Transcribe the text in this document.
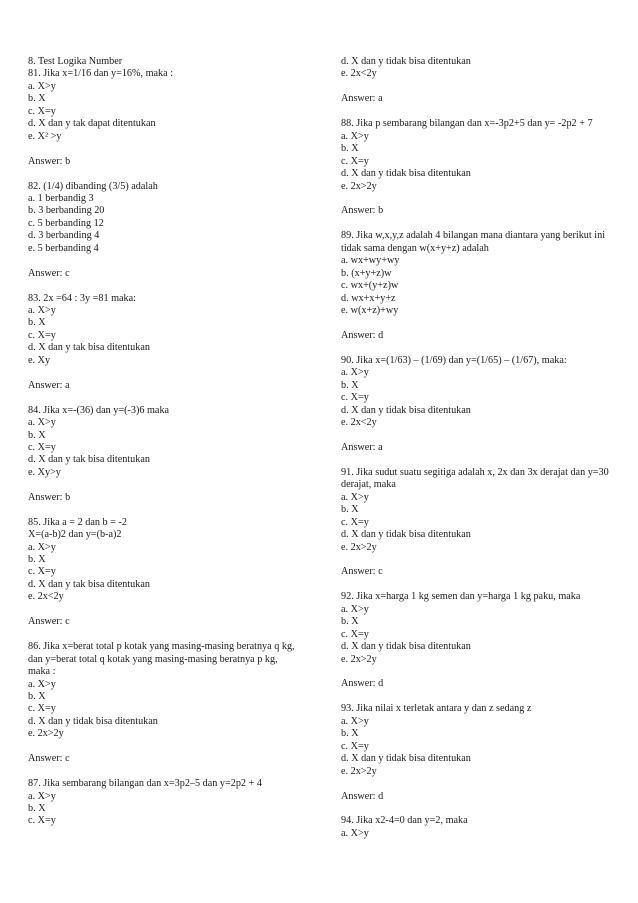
8. Test Logika Number
81. Jika x=1/16 dan y=16%, maka :
a. X>y
b. X
c. X=y
d. X dan y tak dapat ditentukan
e. X² >y
Answer: b
82. (1/4) dibanding (3/5) adalah
a. 1 berbandig 3
b. 3 berbanding 20
c. 5 berbanding 12
d. 3 berbanding 4
e. 5 berbanding 4
Answer: c
83. 2x =64 : 3y =81 maka:
a. X>y
b. X
c. X=y
d. X dan y tak bisa ditentukan
e. Xy
Answer: a
84. Jika x=-(36) dan y=(-3)6 maka
a. X>y
b. X
c. X=y
d. X dan y tak bisa ditentukan
e. Xy>y
Answer: b
85. Jika a = 2 dan b = -2
X=(a-b)2 dan y=(b-a)2
a. X>y
b. X
c. X=y
d. X dan y tak bisa ditentukan
e. 2x<2y
Answer: c
86. Jika x=berat total p kotak yang masing-masing beratnya q kg,
dan y=berat total q kotak yang masing-masing beratnya p kg,
maka :
a. X>y
b. X
c. X=y
d. X dan y tidak bisa ditentukan
e. 2x>2y
Answer: c
87. Jika sembarang bilangan dan x=3p2–5 dan y=2p2 + 4
a. X>y
b. X
c. X=y
d. X dan y tidak bisa ditentukan
e. 2x<2y
Answer: a
88. Jika p sembarang bilangan dan x=-3p2+5 dan y= -2p2 + 7
a. X>y
b. X
c. X=y
d. X dan y tidak bisa ditentukan
e. 2x>2y
Answer: b
89. Jika w,x,y,z adalah 4 bilangan mana diantara yang berikut ini
tidak sama dengan w(x+y+z) adalah
a. wx+wy+wy
b. (x+y+z)w
c. wx+(y+z)w
d. wx+x+y+z
e. w(x+z)+wy
Answer: d
90. Jika x=(1/63) – (1/69) dan y=(1/65) – (1/67), maka:
a. X>y
b. X
c. X=y
d. X dan y tidak bisa ditentukan
e. 2x<2y
Answer: a
91. Jika sudut suatu segitiga adalah x, 2x dan 3x derajat dan y=30
derajat, maka
a. X>y
b. X
c. X=y
d. X dan y tidak bisa ditentukan
e. 2x>2y
Answer: c
92. Jika x=harga 1 kg semen dan y=harga 1 kg paku, maka
a. X>y
b. X
c. X=y
d. X dan y tidak bisa ditentukan
e. 2x>2y
Answer: d
93. Jika nilai x terletak antara y dan z sedang z
a. X>y
b. X
c. X=y
d. X dan y tidak bisa ditentukan
e. 2x>2y
Answer: d
94. Jika x2-4=0 dan y=2, maka
a. X>y
